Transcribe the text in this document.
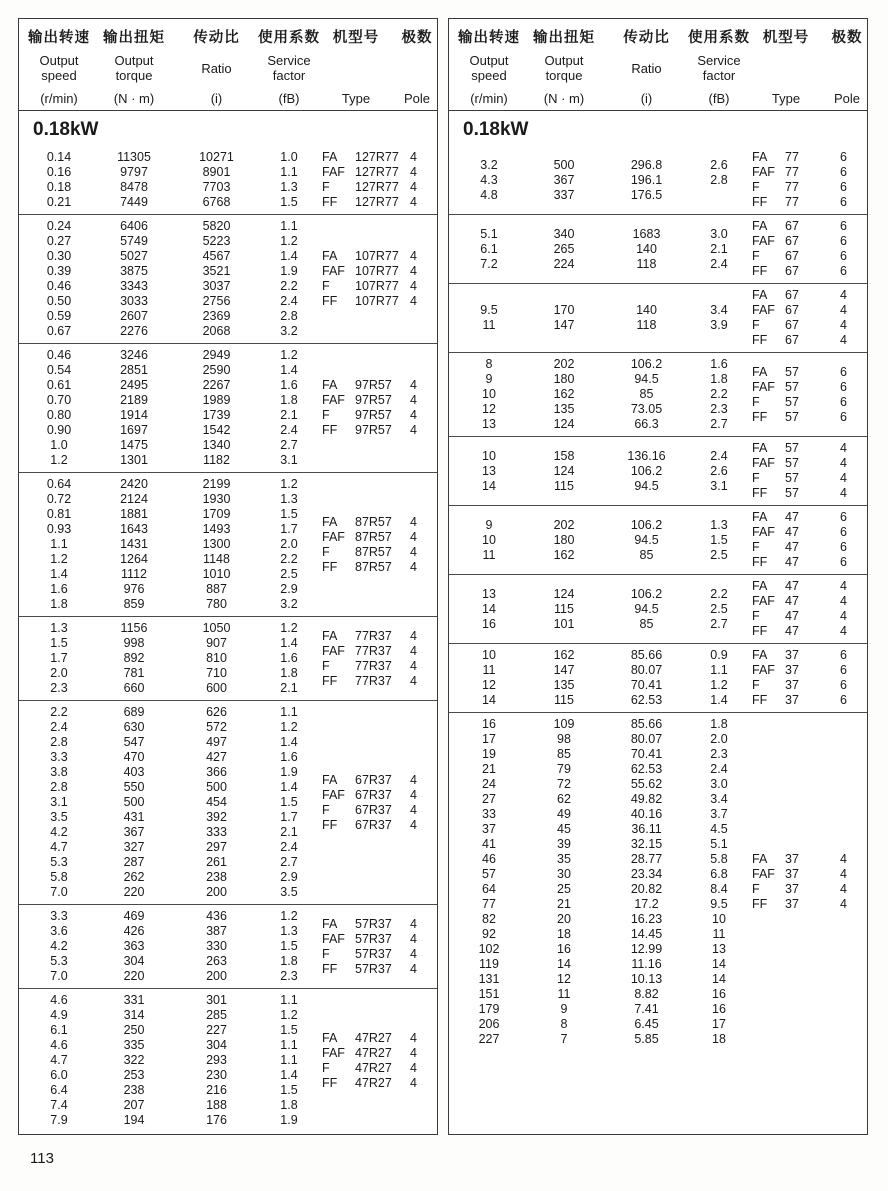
输出转速
Output speed
(r/min)
输出扭矩
Output torque
(N · m)
传动比
Ratio
(i)
使用系数
Service factor
(fB)
机型号
Type
极数
Pole
0.18kW
0.14	11305	10271	1.0
0.16	9797	8901	1.1
0.18	8478	7703	1.3
0.21	7449	6768	1.5
FA	127R77 4
FAF 127R77 4
F	127R77 4
FF	127R77 4
0.24	6406	5820	1.1
0.27	5749	5223	1.2
0.30	5027	4567	1.4
0.39	3875	3521	1.9
0.46	3343	3037	2.2
0.50	3033	2756	2.4
0.59	2607	2369	2.8
0.67	2276	2068	3.2
FA	107R77 4
FAF 107R77 4
F	107R77 4
FF	107R77 4
0.46	3246	2949	1.2
0.54	2851	2590	1.4
0.61	2495	2267	1.6
0.70	2189	1989	1.8
0.80	1914	1739	2.1
0.90	1697	1542	2.4
1.0	1475	1340	2.7
1.2	1301	1182	3.1
FA	97R57	4
FAF 97R57	4
F	97R57	4
FF	97R57	4
0.64	2420	2199	1.2
0.72	2124	1930	1.3
0.81	1881	1709	1.5
0.93	1643	1493	1.7
1.1	1431	1300	2.0
1.2	1264	1148	2.2
1.4	1112	1010	2.5
1.6	976	887	2.9
1.8	859	780	3.2
FA	87R57	4
FAF 87R57	4
F	87R57	4
FF	87R57	4
1.3	1156	1050	1.2
1.5	998	907	1.4
1.7	892	810	1.6
2.0	781	710	1.8
2.3	660	600	2.1
FA	77R37	4
FAF 77R37	4
F	77R37	4
FF	77R37	4
2.2	689	626	1.1
2.4	630	572	1.2
2.8	547	497	1.4
3.3	470	427	1.6
3.8	403	366	1.9
2.8	550	500	1.4
3.1	500	454	1.5
3.5	431	392	1.7
4.2	367	333	2.1
4.7	327	297	2.4
5.3	287	261	2.7
5.8	262	238	2.9
7.0	220	200	3.5
FA	67R37	4
FAF 67R37	4
F	67R37	4
FF	67R37	4
3.3	469	436	1.2
3.6	426	387	1.3
4.2	363	330	1.5
5.3	304	263	1.8
7.0	220	200	2.3
FA	57R37	4
FAF 57R37	4
F	57R37	4
FF	57R37	4
4.6	331	301	1.1
4.9	314	285	1.2
6.1	250	227	1.5
4.6	335	304	1.1
4.7	322	293	1.1
6.0	253	230	1.4
6.4	238	216	1.5
7.4	207	188	1.8
7.9	194	176	1.9
FA	47R27	4
FAF 47R27	4
F	47R27	4
FF	47R27	4
输出转速
Output speed
(r/min)
输出扭矩
Output torque
(N · m)
传动比
Ratio
(i)
使用系数
Service factor
(fB)
机型号
Type
极数
Pole
0.18kW
3.2	500	296.8	2.6
4.3	367	196.1	2.8
4.8	337	176.5
FA	77	6
FAF 77	6
F	77	6
FF	77	6
5.1	340	1683	3.0
6.1	265	140	2.1
7.2	224	118	2.4
FA	67	6
FAF 67	6
F	67	6
FF	67	6
9.5	170	140	3.4
11	147	118	3.9
FA	67	4
FAF 67	4
F	67	4
FF	67	4
8	202	106.2	1.6
9	180	94.5	1.8
10	162	85	2.2
12	135	73.05	2.3
13	124	66.3	2.7
FA	57	6
FAF 57	6
F	57	6
FF	57	6
10	158	136.16	2.4
13	124	106.2	2.6
14	115	94.5	3.1
FA	57	4
FAF 57	4
F	57	4
FF	57	4
9	202	106.2	1.3
10	180	94.5	1.5
11	162	85	2.5
FA	47	6
FAF 47	6
F	47	6
FF	47	6
13	124	106.2	2.2
14	115	94.5	2.5
16	101	85	2.7
FA	47	4
FAF 47	4
F	47	4
FF	47	4
10	162	85.66	0.9
11	147	80.07	1.1
12	135	70.41	1.2
14	115	62.53	1.4
FA	37	6
FAF 37	6
F	37	6
FF	37	6
16	109	85.66	1.8
17	98	80.07	2.0
19	85	70.41	2.3
21	79	62.53	2.4
24	72	55.62	3.0
27	62	49.82	3.4
33	49	40.16	3.7
37	45	36.11	4.5
41	39	32.15	5.1
46	35	28.77	5.8
57	30	23.34	6.8
64	25	20.82	8.4
77	21	17.2	9.5
82	20	16.23	10
92	18	14.45	11
102	16	12.99	13
119	14	11.16	14
131	12	10.13	14
151	11	8.82	16
179	9	7.41	16
206	8	6.45	17
227	7	5.85	18
FA	37	4
FAF 37	4
F	37	4
FF	37	4
113
